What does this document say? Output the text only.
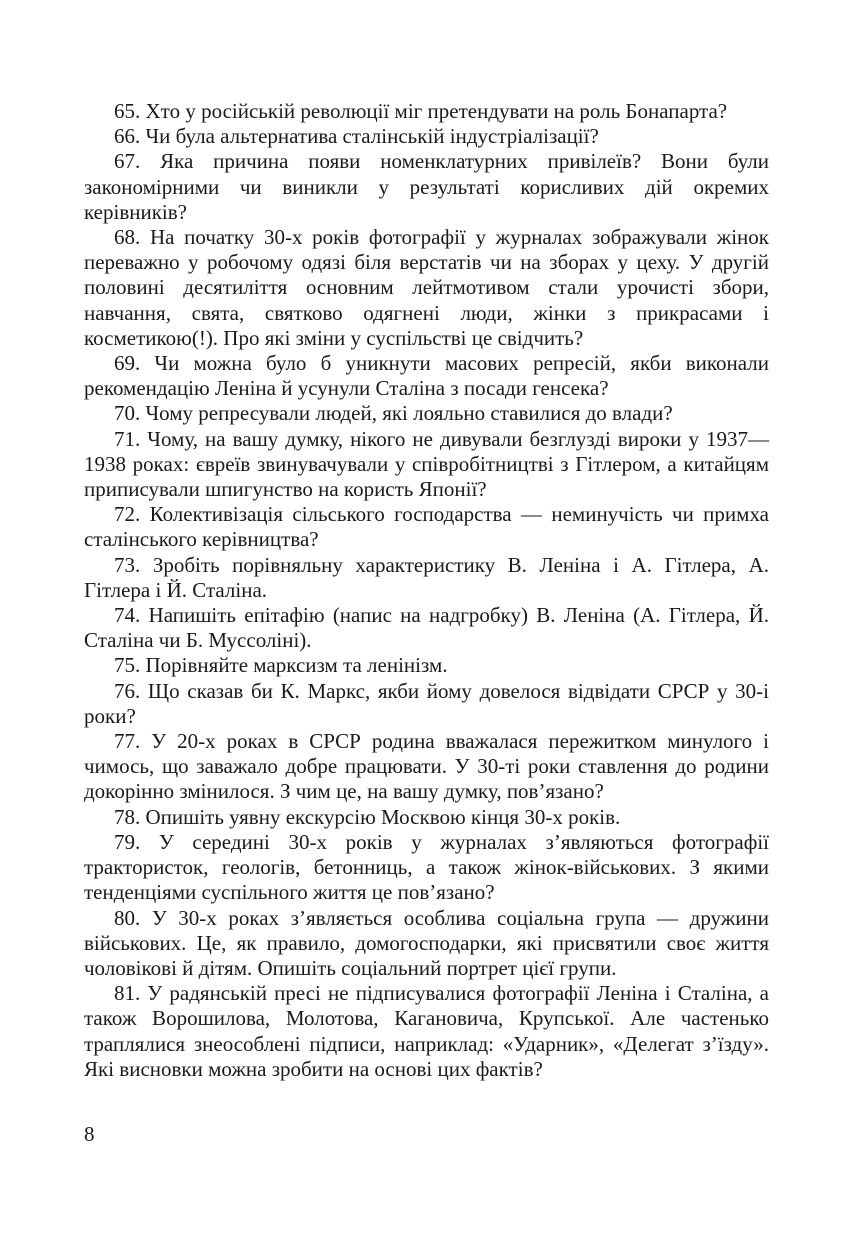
65. Хто у російській революції міг претендувати на роль Бонапарта?

66. Чи була альтернатива сталінській індустріалізації?

67. Яка причина появи номенклатурних привілеїв? Вони були закономірними чи виникли у результаті корисливих дій окремих керівників?

68. На початку 30-х років фотографії у журналах зображували жінок переважно у робочому одязі біля верстатів чи на зборах у цеху. У другій половині десятиліття основним лейтмотивом стали урочисті збори, навчання, свята, святково одягнені люди, жінки з прикрасами і косметикою(!). Про які зміни у суспільстві це свідчить?

69. Чи можна було б уникнути масових репресій, якби виконали рекомендацію Леніна й усунули Сталіна з посади генсека?

70. Чому репресували людей, які лояльно ставилися до влади?

71. Чому, на вашу думку, нікого не дивували безглузді вироки у 1937—1938 роках: євреїв звинувачували у співробітництві з Гітлером, а китайцям приписували шпигунство на користь Японії?

72. Колективізація сільського господарства — неминучість чи примха сталінського керівництва?

73. Зробіть порівняльну характеристику В. Леніна і А. Гітлера, А. Гітлера і Й. Сталіна.

74. Напишіть епітафію (напис на надгробку) В. Леніна (А. Гітлера, Й. Сталіна чи Б. Муссоліні).

75. Порівняйте марксизм та ленінізм.

76. Що сказав би К. Маркс, якби йому довелося відвідати СРСР у 30-і роки?

77. У 20-х роках в СРСР родина вважалася пережитком минулого і чимось, що заважало добре працювати. У 30-ті роки ставлення до родини докорінно змінилося. З чим це, на вашу думку, пов’язано?

78. Опишіть уявну екскурсію Москвою кінця 30-х років.

79. У середині 30-х років у журналах з’являються фотографії трактористок, геологів, бетонниць, а також жінок-військових. З якими тенденціями суспільного життя це пов’язано?

80. У 30-х роках з’являється особлива соціальна група — дружини військових. Це, як правило, домогосподарки, які присвятили своє життя чоловікові й дітям. Опишіть соціальний портрет цієї групи.

81. У радянській пресі не підписувалися фотографії Леніна і Сталіна, а також Ворошилова, Молотова, Кагановича, Крупської. Але частенько траплялися знеособлені підписи, наприклад: «Ударник», «Делегат з’їзду». Які висновки можна зробити на основі цих фактів?

8
